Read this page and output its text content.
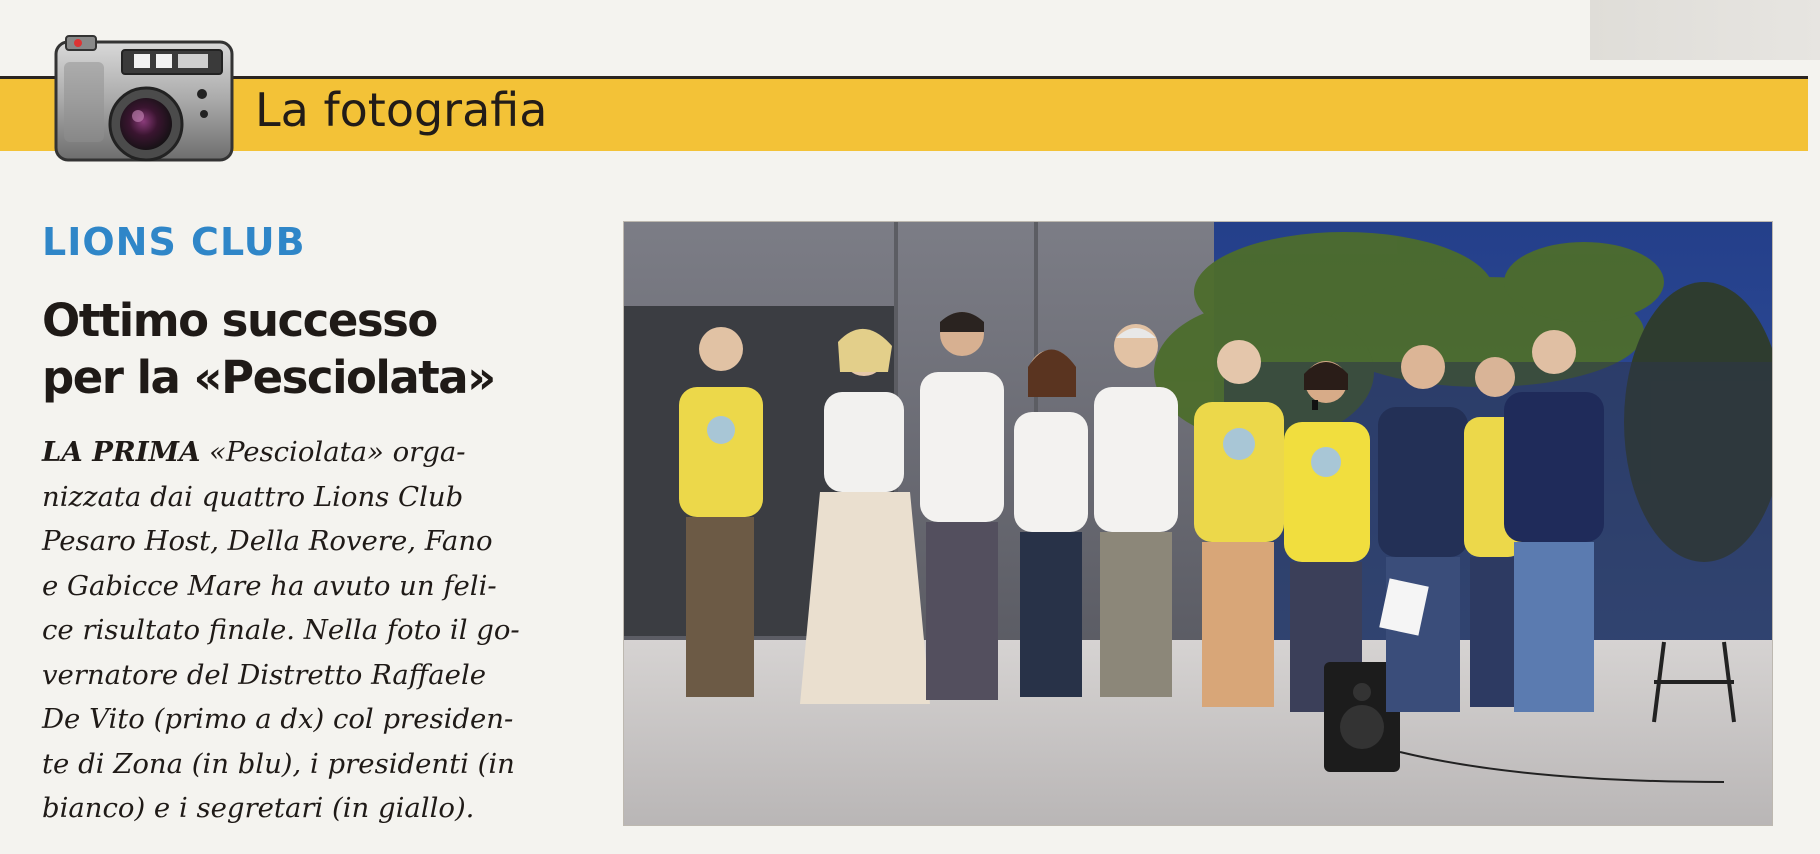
La fotografia
LIONS CLUB
Ottimo successo
per la «Pesciolata»
LA PRIMA «Pesciolata» orga-
nizzata dai quattro Lions Club
Pesaro Host, Della Rovere, Fano
e Gabicce Mare ha avuto un feli-
ce risultato finale. Nella foto il go-
vernatore del Distretto Raffaele
De Vito (primo a dx) col presiden-
te di Zona (in blu), i presidenti (in
bianco) e i segretari (in giallo).
